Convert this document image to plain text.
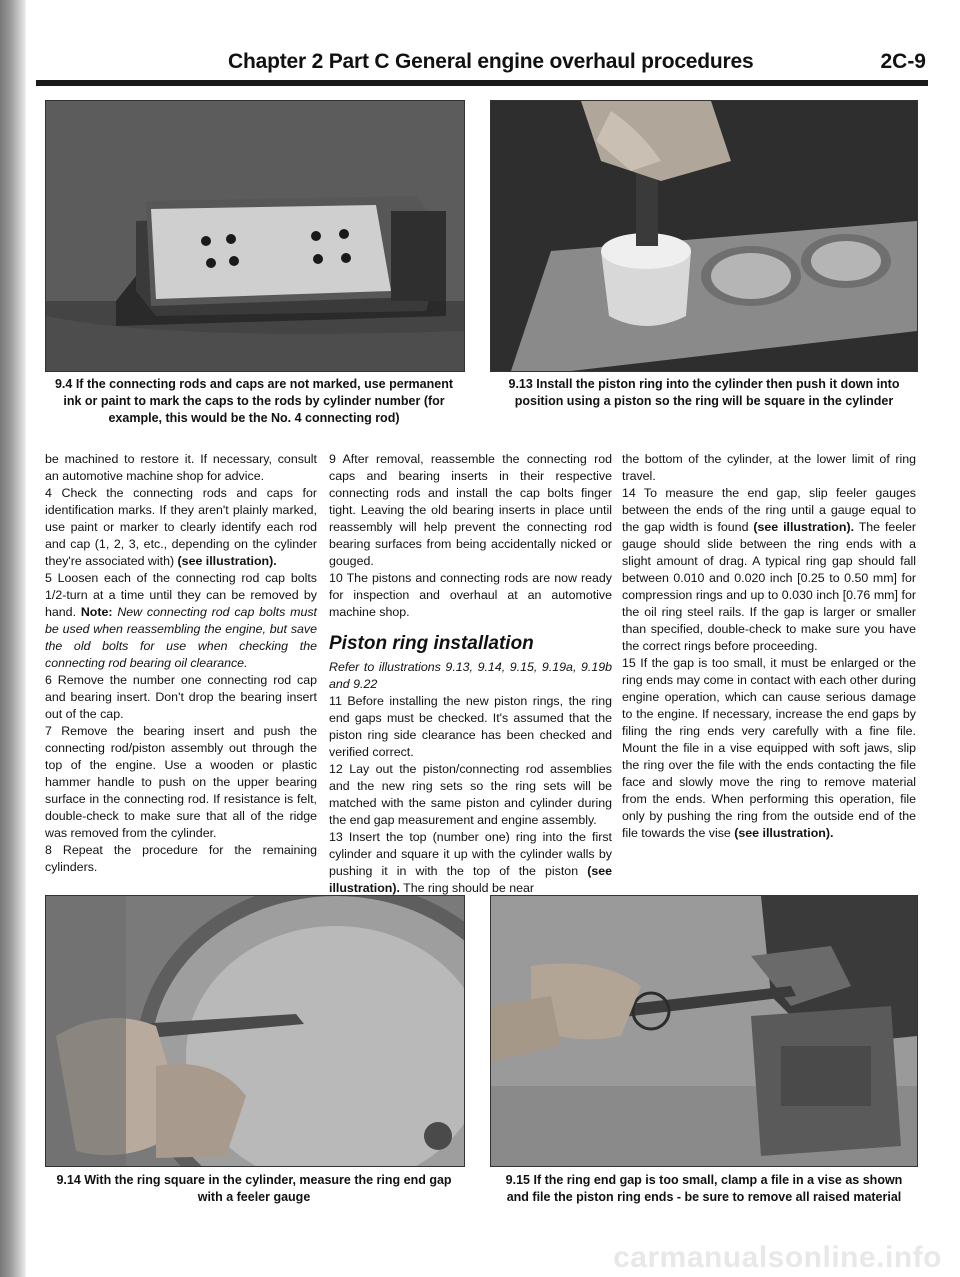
Chapter 2 Part C General engine overhaul procedures	2C-9
9.4 If the connecting rods and caps are not marked, use permanent ink or paint to mark the caps to the rods by cylinder number (for example, this would be the No. 4 connecting rod)
9.13 Install the piston ring into the cylinder then push it down into position using a piston so the ring will be square in the cylinder

be machined to restore it. If necessary, consult an automotive machine shop for advice.

4 Check the connecting rods and caps for identification marks. If they aren't plainly marked, use paint or marker to clearly identify each rod and cap (1, 2, 3, etc., depending on the cylinder they're associated with) (see illustration).

5 Loosen each of the connecting rod cap bolts 1/2-turn at a time until they can be removed by hand. Note: New connecting rod cap bolts must be used when reassembling the engine, but save the old bolts for use when checking the connecting rod bearing oil clearance.

6 Remove the number one connecting rod cap and bearing insert. Don't drop the bearing insert out of the cap.

7 Remove the bearing insert and push the connecting rod/piston assembly out through the top of the engine. Use a wooden or plastic hammer handle to push on the upper bearing surface in the connecting rod. If resistance is felt, double-check to make sure that all of the ridge was removed from the cylinder.

8 Repeat the procedure for the remaining cylinders.

9 After removal, reassemble the connecting rod caps and bearing inserts in their respective connecting rods and install the cap bolts finger tight. Leaving the old bearing inserts in place until reassembly will help prevent the connecting rod bearing surfaces from being accidentally nicked or gouged.

10 The pistons and connecting rods are now ready for inspection and overhaul at an automotive machine shop.

Piston ring installation

Refer to illustrations 9.13, 9.14, 9.15, 9.19a, 9.19b and 9.22

11 Before installing the new piston rings, the ring end gaps must be checked. It's assumed that the piston ring side clearance has been checked and verified correct.

12 Lay out the piston/connecting rod assemblies and the new ring sets so the ring sets will be matched with the same piston and cylinder during the end gap measurement and engine assembly.

13 Insert the top (number one) ring into the first cylinder and square it up with the cylinder walls by pushing it in with the top of the piston (see illustration). The ring should be near

the bottom of the cylinder, at the lower limit of ring travel.

14 To measure the end gap, slip feeler gauges between the ends of the ring until a gauge equal to the gap width is found (see illustration). The feeler gauge should slide between the ring ends with a slight amount of drag. A typical ring gap should fall between 0.010 and 0.020 inch [0.25 to 0.50 mm] for compression rings and up to 0.030 inch [0.76 mm] for the oil ring steel rails. If the gap is larger or smaller than specified, double-check to make sure you have the correct rings before proceeding.

15 If the gap is too small, it must be enlarged or the ring ends may come in contact with each other during engine operation, which can cause serious damage to the engine. If necessary, increase the end gaps by filing the ring ends very carefully with a fine file. Mount the file in a vise equipped with soft jaws, slip the ring over the file with the ends contacting the file face and slowly move the ring to remove material from the ends. When performing this operation, file only by pushing the ring from the outside end of the file towards the vise (see illustration).

9.14 With the ring square in the cylinder, measure the ring end gap with a feeler gauge
9.15 If the ring end gap is too small, clamp a file in a vise as shown and file the piston ring ends - be sure to remove all raised material
carmanualsonline.info
